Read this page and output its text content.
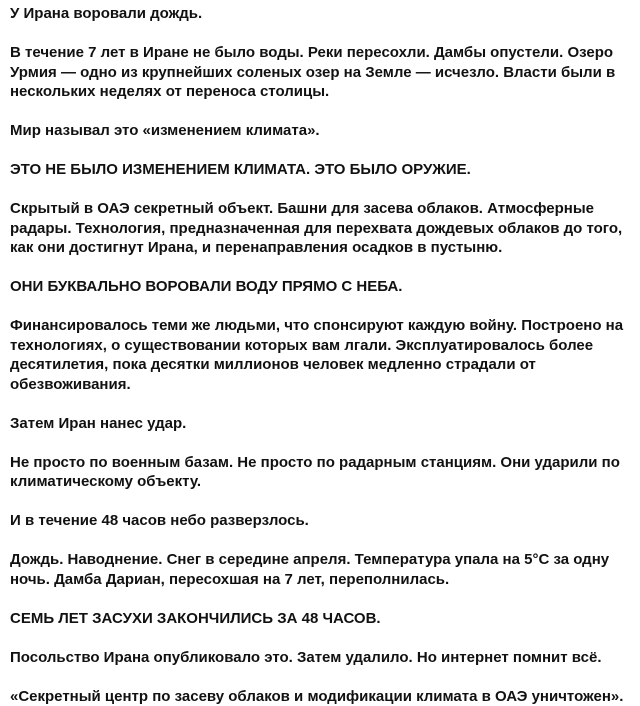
У Ирана воровали дождь.

В течение 7 лет в Иране не было воды. Реки пересохли. Дамбы опустели. Озеро Урмия — одно из крупнейших соленых озер на Земле — исчезло. Власти были в нескольких неделях от переноса столицы.

Мир называл это «изменением климата».

ЭТО НЕ БЫЛО ИЗМЕНЕНИЕМ КЛИМАТА. ЭТО БЫЛО ОРУЖИЕ.

Скрытый в ОАЭ секретный объект. Башни для засева облаков. Атмосферные радары. Технология, предназначенная для перехвата дождевых облаков до того, как они достигнут Ирана, и перенаправления осадков в пустыню.

ОНИ БУКВАЛЬНО ВОРОВАЛИ ВОДУ ПРЯМО С НЕБА.

Финансировалось теми же людьми, что спонсируют каждую войну. Построено на технологиях, о существовании которых вам лгали. Эксплуатировалось более десятилетия, пока десятки миллионов человек медленно страдали от обезвоживания.

Затем Иран нанес удар.

Не просто по военным базам. Не просто по радарным станциям. Они ударили по климатическому объекту.

И в течение 48 часов небо разверзлось.

Дождь. Наводнение. Снег в середине апреля. Температура упала на 5°C за одну ночь. Дамба Дариан, пересохшая на 7 лет, переполнилась.

СЕМЬ ЛЕТ ЗАСУХИ ЗАКОНЧИЛИСЬ ЗА 48 ЧАСОВ.

Посольство Ирана опубликовало это. Затем удалило. Но интернет помнит всё.

«Секретный центр по засеву облаков и модификации климата в ОАЭ уничтожен».
